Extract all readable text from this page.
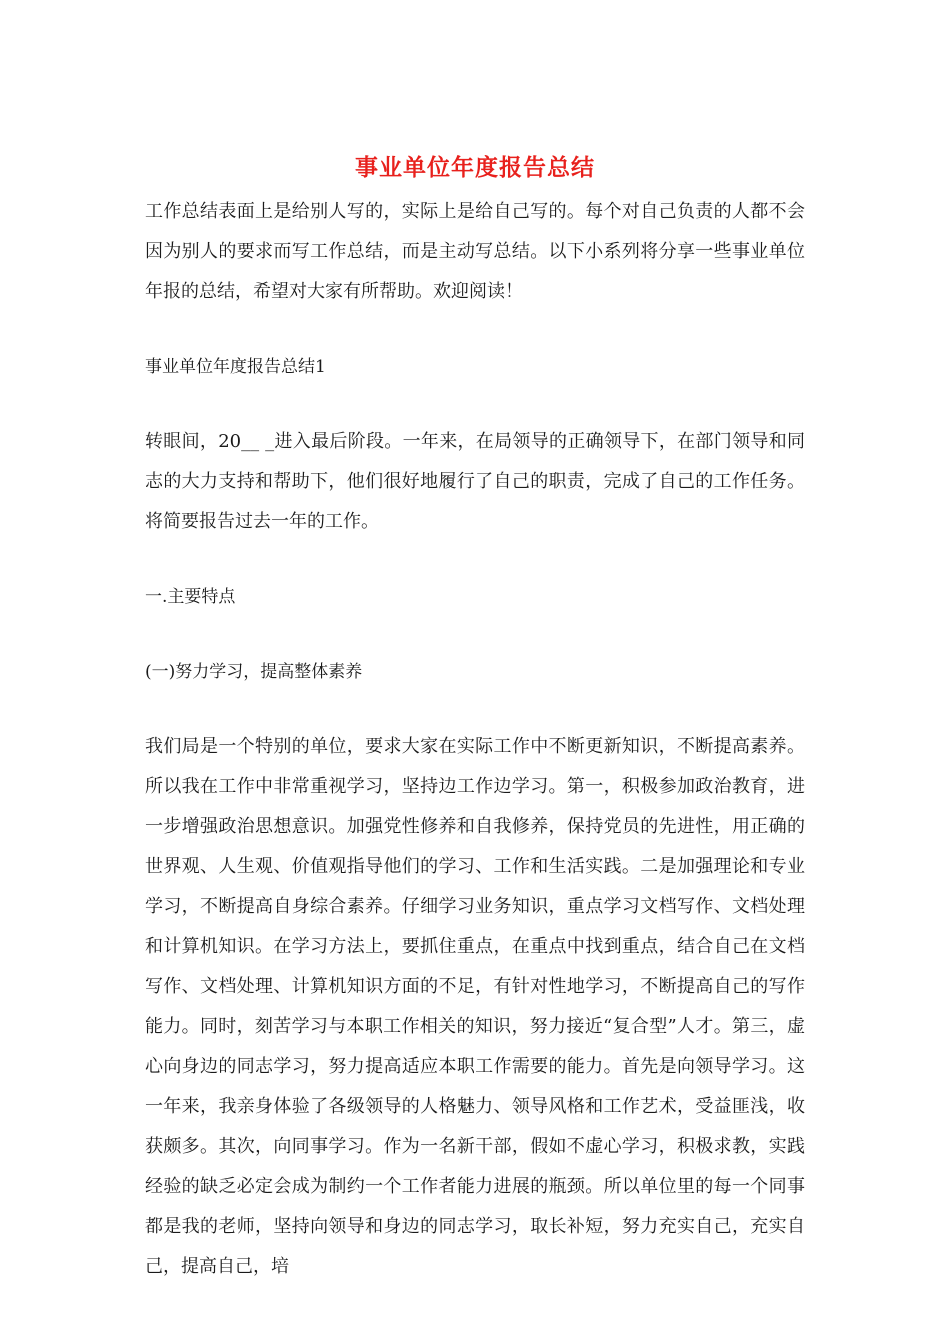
事业单位年度报告总结

工作总结表面上是给别人写的，实际上是给自己写的。每个对自己负责的人都不会因为别人的要求而写工作总结，而是主动写总结。以下小系列将分享一些事业单位年报的总结，希望对大家有所帮助。欢迎阅读！

事业单位年度报告总结1

转眼间，20__ _进入最后阶段。一年来，在局领导的正确领导下，在部门领导和同志的大力支持和帮助下，他们很好地履行了自己的职责，完成了自己的工作任务。将简要报告过去一年的工作。

一.主要特点

(一)努力学习，提高整体素养

我们局是一个特别的单位，要求大家在实际工作中不断更新知识，不断提高素养。所以我在工作中非常重视学习，坚持边工作边学习。第一，积极参加政治教育，进一步增强政治思想意识。加强党性修养和自我修养，保持党员的先进性，用正确的世界观、人生观、价值观指导他们的学习、工作和生活实践。二是加强理论和专业学习，不断提高自身综合素养。仔细学习业务知识，重点学习文档写作、文档处理和计算机知识。在学习方法上，要抓住重点，在重点中找到重点，结合自己在文档写作、文档处理、计算机知识方面的不足，有针对性地学习，不断提高自己的写作能力。同时，刻苦学习与本职工作相关的知识，努力接近“复合型”人才。第三，虚心向身边的同志学习，努力提高适应本职工作需要的能力。首先是向领导学习。这一年来，我亲身体验了各级领导的人格魅力、领导风格和工作艺术，受益匪浅，收获颇多。其次，向同事学习。作为一名新干部，假如不虚心学习，积极求教，实践经验的缺乏必定会成为制约一个工作者能力进展的瓶颈。所以单位里的每一个同事都是我的老师，坚持向领导和身边的同志学习，取长补短，努力充实自己，充实自己，提高自己，培
